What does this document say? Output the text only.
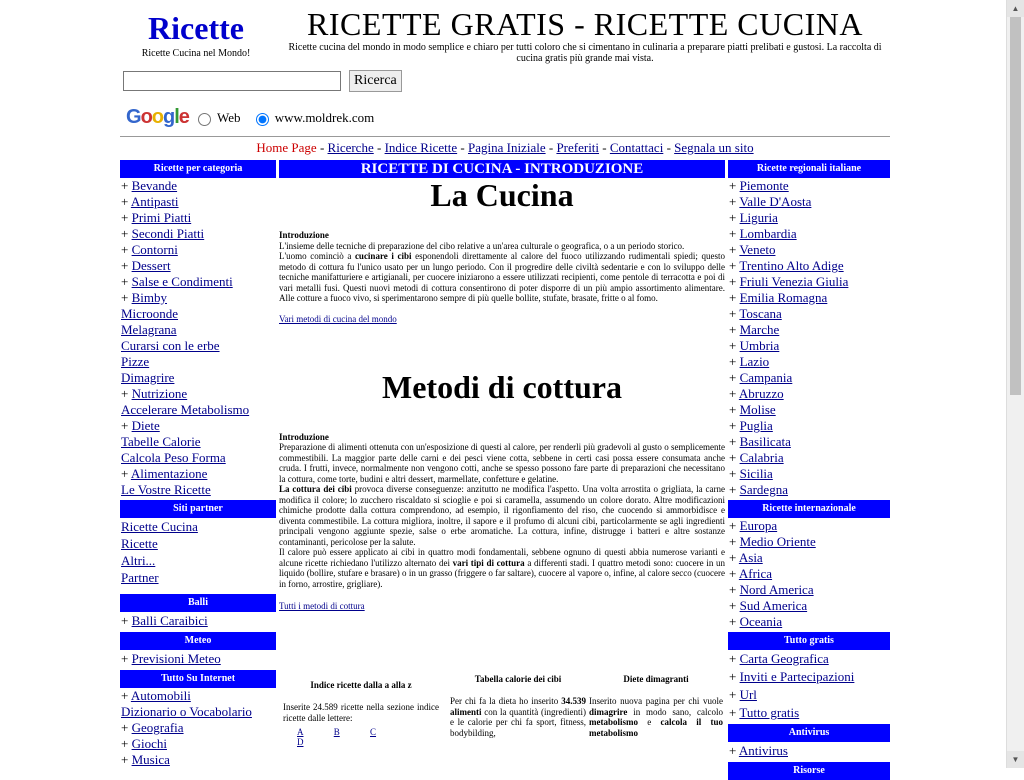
Ricette
Ricette Cucina nel Mondo!
RICETTE GRATIS - RICETTE CUCINA
Ricette cucina del mondo in modo semplice e chiaro per tutti coloro che si cimentano in culinaria a preparare piatti prelibati e gustosi. La raccolta di cucina gratis più grande mai vista.
Ricerca
Google	Web	www.moldrek.com
Home Page - Ricerche - Indice Ricette - Pagina Iniziale - Preferiti - Contattaci - Segnala un sito
Ricette per categoria
+ Bevande
+ Antipasti
+ Primi Piatti
+ Secondi Piatti
+ Contorni
+ Dessert
+ Salse e Condimenti
+ Bimby
Microonde
Melagrana
Curarsi con le erbe
Pizze
Dimagrire
+ Nutrizione
Accelerare Metabolismo
+ Diete
Tabelle Calorie
Calcola Peso Forma
+ Alimentazione
Le Vostre Ricette
Siti partner
Ricette Cucina
Ricette
Altri...
Partner
Balli
+ Balli Caraibici
Meteo
+ Previsioni Meteo
Tutto Su Internet
+ Automobili
Dizionario o Vocabolario
+ Geografia
+ Giochi
+ Musica
RICETTE DI CUCINA - INTRODUZIONE
La Cucina
Introduzione
L'insieme delle tecniche di preparazione del cibo relative a un'area culturale o geografica, o a un periodo storico.
L'uomo cominciò a cucinare i cibi esponendoli direttamente al calore del fuoco utilizzando rudimentali spiedi; questo metodo di cottura fu l'unico usato per un lungo periodo. Con il progredire delle civiltà sedentarie e con lo sviluppo delle tecniche manifatturiere e artigianali, per cuocere iniziarono a essere utilizzati recipienti, come pentole di terracotta e poi di vari metalli fusi. Questi nuovi metodi di cottura consentirono di poter disporre di un più ampio assortimento alimentare. Alle cotture a fuoco vivo, si sperimentarono sempre di più quelle bollite, stufate, brasate, fritte o al fomo.
Vari metodi di cucina del mondo
Metodi di cottura
Introduzione
Preparazione di alimenti ottenuta con un'esposizione di questi al calore, per renderli più gradevoli al gusto o semplicemente commestibili. La maggior parte delle carni e dei pesci viene cotta, sebbene in certi casi possa essere consumata anche cruda. I frutti, invece, normalmente non vengono cotti, anche se spesso possono fare parte di preparazioni che necessitano la cottura, come torte, budini e altri dessert, marmellate, confetture e gelatine.
La cottura dei cibi provoca diverse conseguenze: anzitutto ne modifica l'aspetto. Una volta arrostita o grigliata, la carne modifica il colore; lo zucchero riscaldato si scioglie e poi si caramella, assumendo un colore dorato. Altre modificazioni chimiche prodotte dalla cottura comprendono, ad esempio, il rigonfiamento del riso, che cuocendo si ammorbidisce e diventa commestibile. La cottura migliora, inoltre, il sapore e il profumo di alcuni cibi, particolarmente se agli ingredienti principali vengono aggiunte spezie, salse o erbe aromatiche. La cottura, infine, distrugge i batteri e altre sostanze contaminanti, pericolose per la salute.
Il calore può essere applicato ai cibi in quattro modi fondamentali, sebbene ognuno di questi abbia numerose varianti e alcune ricette richiedano l'utilizzo alternato dei vari tipi di cottura a differenti stadi. I quattro metodi sono: cuocere in un liquido (bollire, stufare e brasare) o in un grasso (friggere o far saltare), cuocere al vapore o, infine, al calore secco (cuocere in forno, arrostire, grigliare).
Tutti i metodi di cottura
Indice ricette dalla a alla z
Inserite 24.589 ricette nella sezione indice ricette dalle lettere:
A	B	C D
Tabella calorie dei cibi
Per chi fa la dieta ho inserito 34.539 alimenti con la quantità (ingredienti) e le calorie per chi fa sport, fitness, bodybilding,
Diete dimagranti
Inserito nuova pagina per chi vuole dimagrire in modo sano, calcolo metabolismo e calcola il tuo metabolismo
Ricette regionali italiane
+ Piemonte
+ Valle D'Aosta
+ Liguria
+ Lombardia
+ Veneto
+ Trentino Alto Adige
+ Friuli Venezia Giulia
+ Emilia Romagna
+ Toscana
+ Marche
+ Umbria
+ Lazio
+ Campania
+ Abruzzo
+ Molise
+ Puglia
+ Basilicata
+ Calabria
+ Sicilia
+ Sardegna
Ricette internazionale
+ Europa
+ Medio Oriente
+ Asia
+ Africa
+ Nord America
+ Sud America
+ Oceania
Tutto gratis
+ Carta Geografica
+ Inviti e Partecipazioni
+ Url
+ Tutto gratis
Antivirus
+ Antivirus
Risorse
▲
▼
